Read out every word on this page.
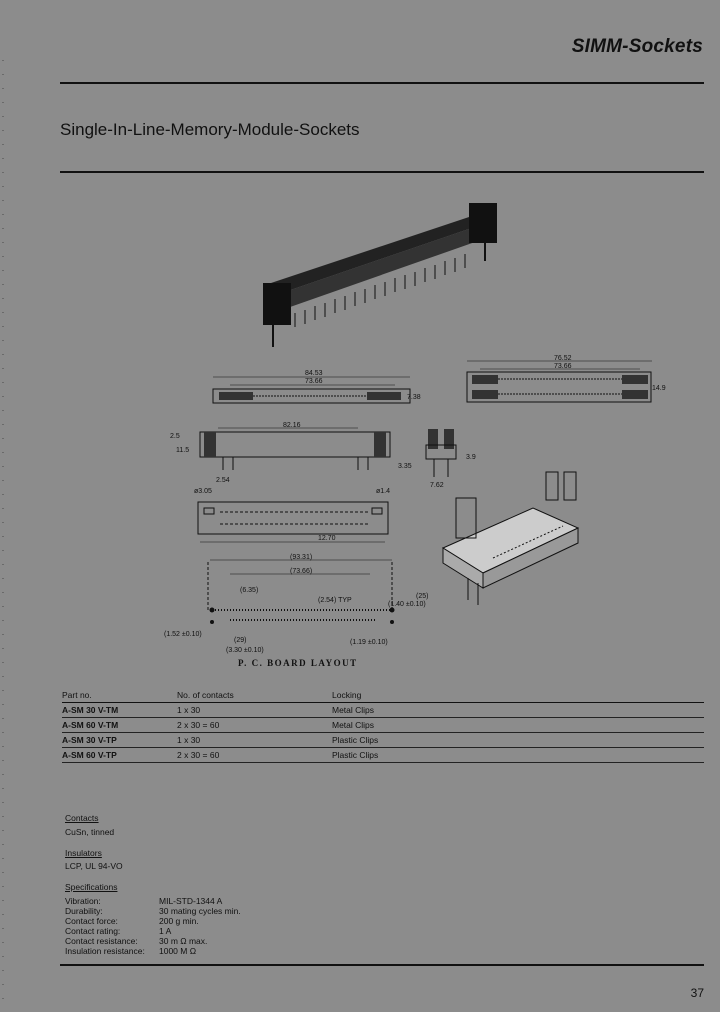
SIMM-Sockets
Single-In-Line-Memory-Module-Sockets
84.53
73.66
7.38
76.52
73.66
14.9
2.5
11.5
82.16
3.35
2.54
ø3.05	ø1.4
3.9
7.62
12.70
(93.31)
(73.66)
(6.35)
(2.54) TYP
(25)
(1.40 ±0.10)
(1.52 ±0.10)
(29)
(3.30 ±0.10)
(1.19 ±0.10)
P. C. BOARD LAYOUT
Part no.	No. of contacts	Locking
A-SM 30 V-TM	1 x 30	Metal Clips
A-SM 60 V-TM	2 x 30 = 60	Metal Clips
A-SM 30 V-TP	1 x 30	Plastic Clips
A-SM 60 V-TP	2 x 30 = 60	Plastic Clips
Contacts
CuSn, tinned
Insulators
LCP, UL 94-VO
Specifications
Vibration:	MIL-STD-1344 A
Durability:	30 mating cycles min.
Contact force:	200 g min.
Contact rating:	1 A
Contact resistance:	30 m Ω max.
Insulation resistance:	1000 M Ω
37
